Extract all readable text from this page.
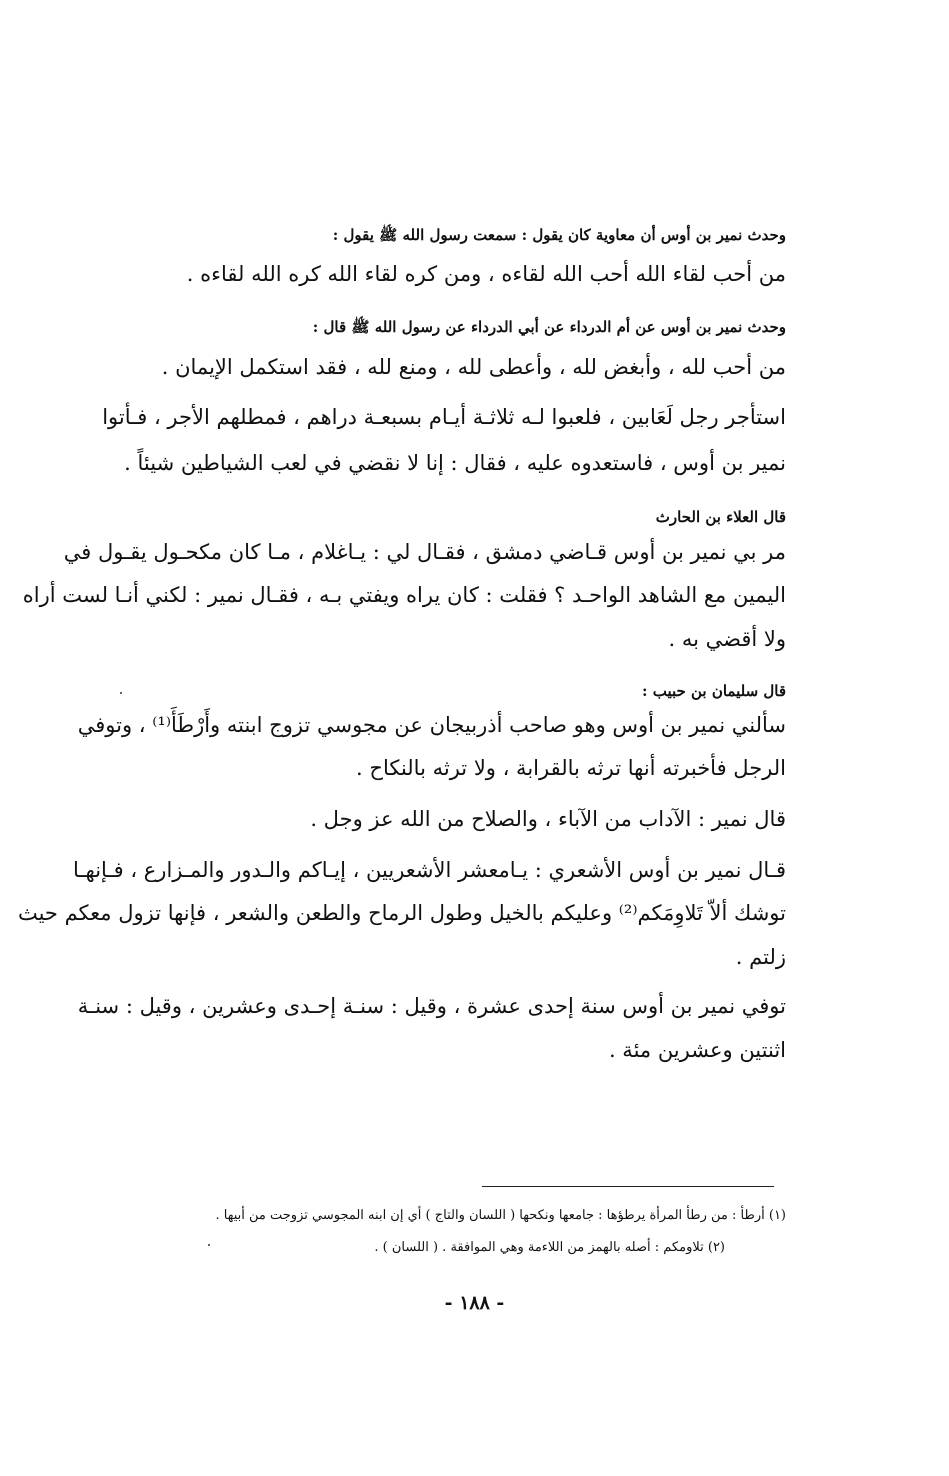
وحدث نمير بن أوس أن معاوية كان يقول : سمعت رسول الله ﷺ يقول :

من أحب لقاء الله أحب الله لقاءه ، ومن كره لقاء الله كره الله لقاءه .

وحدث نمير بن أوس عن أم الدرداء عن أبي الدرداء عن رسول الله ﷺ قال :

من أحب لله ، وأبغض لله ، وأعطى لله ، ومنع لله ، فقد استكمل الإيمان .

استأجر رجل لَعَابين ، فلعبوا لـه ثلاثـة أيـام بسبعـة دراهم ، فمطلهم الأجر ، فـأتوا

نمير بن أوس ، فاستعدوه عليه ، فقال : إنا لا نقضي في لعب الشياطين شيئاً .

قال العلاء بن الحارث

مر بي نمير بن أوس قـاضي دمشق ، فقـال لي : يـاغلام ، مـا كان مكحـول يقـول في

اليمين مع الشاهد الواحـد ؟ فقلت : كان يراه ويفتي بـه ، فقـال نمير : لكني أنـا لست أراه

ولا أقضي به .

قال سليمان بن حبيب :

سألني نمير بن أوس وهو صاحب أذربيجان عن مجوسي تزوج ابنته وأَرْطَأَ⁽¹⁾ ، وتوفي

الرجل فأخبرته أنها ترثه بالقرابة ، ولا ترثه بالنكاح .

قال نمير : الآداب من الآباء ، والصلاح من الله عز وجل .

قـال نمير بن أوس الأشعري : يـامعشر الأشعريين ، إيـاكم والـدور والمـزارع ، فـإنهـا

توشك ألاّ تَلاوِمَكم⁽²⁾ وعليكم بالخيل وطول الرماح والطعن والشعر ، فإنها تزول معكم حيث

زلتم .

توفي نمير بن أوس سنة إحدى عشرة ، وقيل : سنـة إحـدى وعشرين ، وقيل : سنـة

اثنتين وعشرين مئة .

(١) أرطأ : من رطأ المرأة يرطؤها : جامعها ونكحها ( اللسان والتاج ) أي إن ابنه المجوسي تزوجت من أبيها .

(٢) تلاومكم : أصله بالهمز من اللاءمة وهي الموافقة . ( اللسان ) .

- ١٨٨ -
